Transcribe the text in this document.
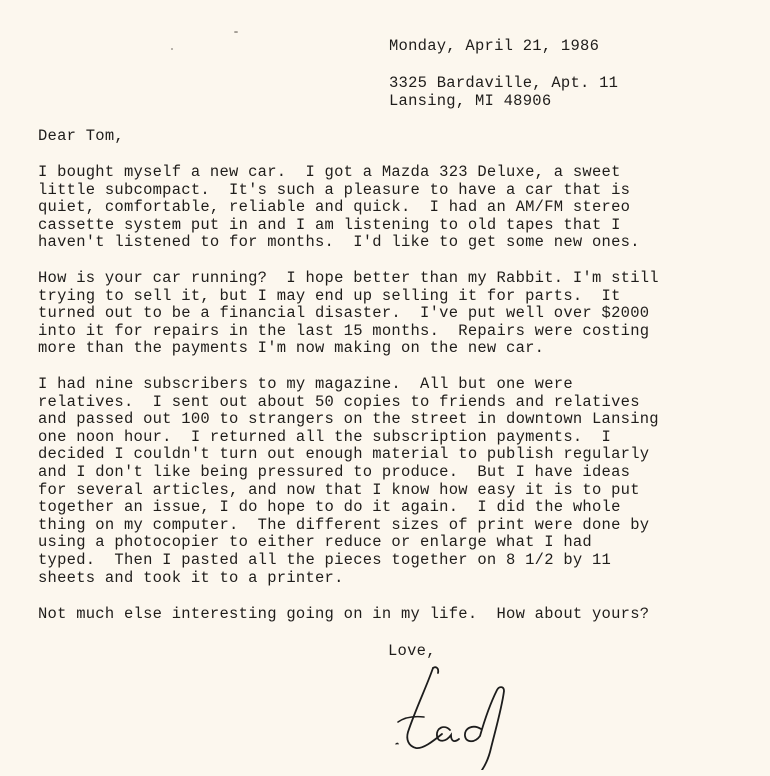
Monday, April 21, 1986
3325 Bardaville, Apt. 11
Lansing, MI 48906
Dear Tom,
I bought myself a new car.  I got a Mazda 323 Deluxe, a sweet
little subcompact.  It's such a pleasure to have a car that is
quiet, comfortable, reliable and quick.  I had an AM/FM stereo
cassette system put in and I am listening to old tapes that I
haven't listened to for months.  I'd like to get some new ones.
How is your car running?  I hope better than my Rabbit. I'm still
trying to sell it, but I may end up selling it for parts.  It
turned out to be a financial disaster.  I've put well over $2000
into it for repairs in the last 15 months.  Repairs were costing
more than the payments I'm now making on the new car.
I had nine subscribers to my magazine.  All but one were
relatives.  I sent out about 50 copies to friends and relatives
and passed out 100 to strangers on the street in downtown Lansing
one noon hour.  I returned all the subscription payments.  I
decided I couldn't turn out enough material to publish regularly
and I don't like being pressured to produce.  But I have ideas
for several articles, and now that I know how easy it is to put
together an issue, I do hope to do it again.  I did the whole
thing on my computer.  The different sizes of print were done by
using a photocopier to either reduce or enlarge what I had
typed.  Then I pasted all the pieces together on 8 1/2 by 11
sheets and took it to a printer.
Not much else interesting going on in my life.  How about yours?
Love,
